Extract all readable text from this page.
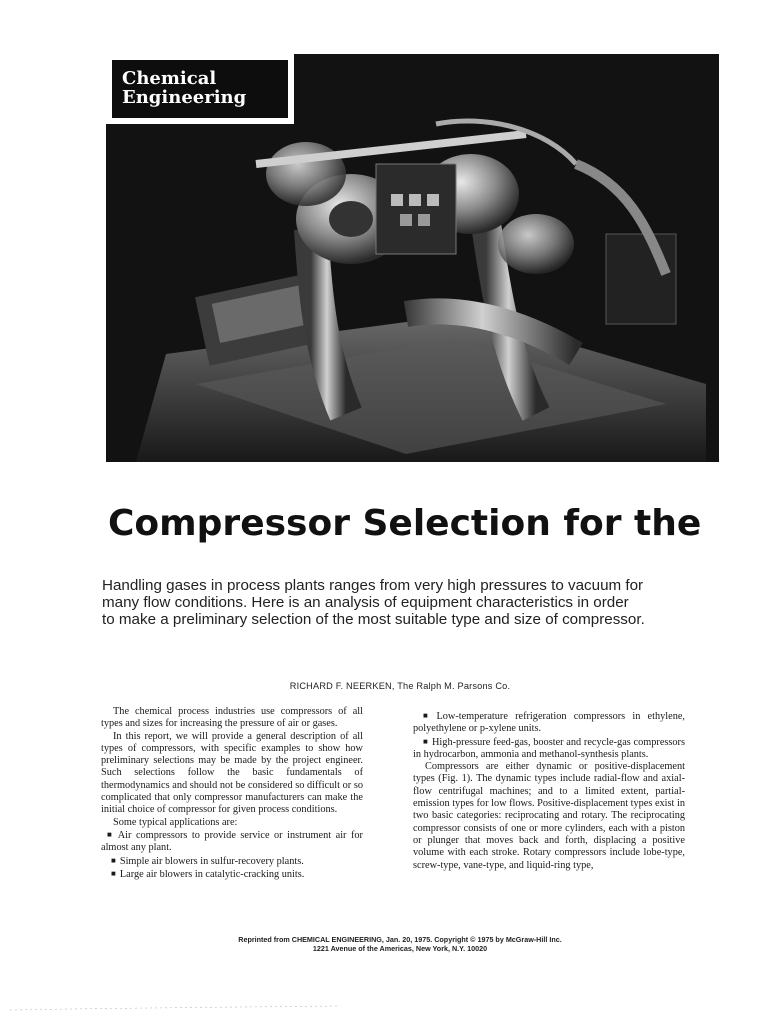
Chemical
Engineering
Compressor Selection for the
Handling gases in process plants ranges from very high pressures to vacuum for
many flow conditions. Here is an analysis of equipment characteristics in order
to make a preliminary selection of the most suitable type and size of compressor.
RICHARD F. NEERKEN, The Ralph M. Parsons Co.

The chemical process industries use compressors of all types and sizes for increasing the pressure of air or gases.

In this report, we will provide a general description of all types of compressors, with specific examples to show how preliminary selections may be made by the project engineer. Such selections follow the basic fundamentals of thermodynamics and should not be considered so difficult or so complicated that only compressor manufacturers can make the initial choice of compressor for given process conditions.

Some typical applications are:

■ Air compressors to provide service or instrument air for almost any plant.

■ Simple air blowers in sulfur-recovery plants.

■ Large air blowers in catalytic-cracking units.

■ Low-temperature refrigeration compressors in ethylene, polyethylene or p-xylene units.

■ High-pressure feed-gas, booster and recycle-gas compressors in hydrocarbon, ammonia and methanol-synthesis plants.

Compressors are either dynamic or positive-displacement types (Fig. 1). The dynamic types include radial-flow and axial-flow centrifugal machines; and to a limited extent, partial-emission types for low flows. Positive-displacement types exist in two basic categories: reciprocating and rotary. The reciprocating compressor consists of one or more cylinders, each with a piston or plunger that moves back and forth, displacing a positive volume with each stroke. Rotary compressors include lobe-type, screw-type, vane-type, and liquid-ring type,

Reprinted from CHEMICAL ENGINEERING, Jan. 20, 1975. Copyright © 1975 by McGraw-Hill Inc.
1221 Avenue of the Americas, New York, N.Y. 10020
